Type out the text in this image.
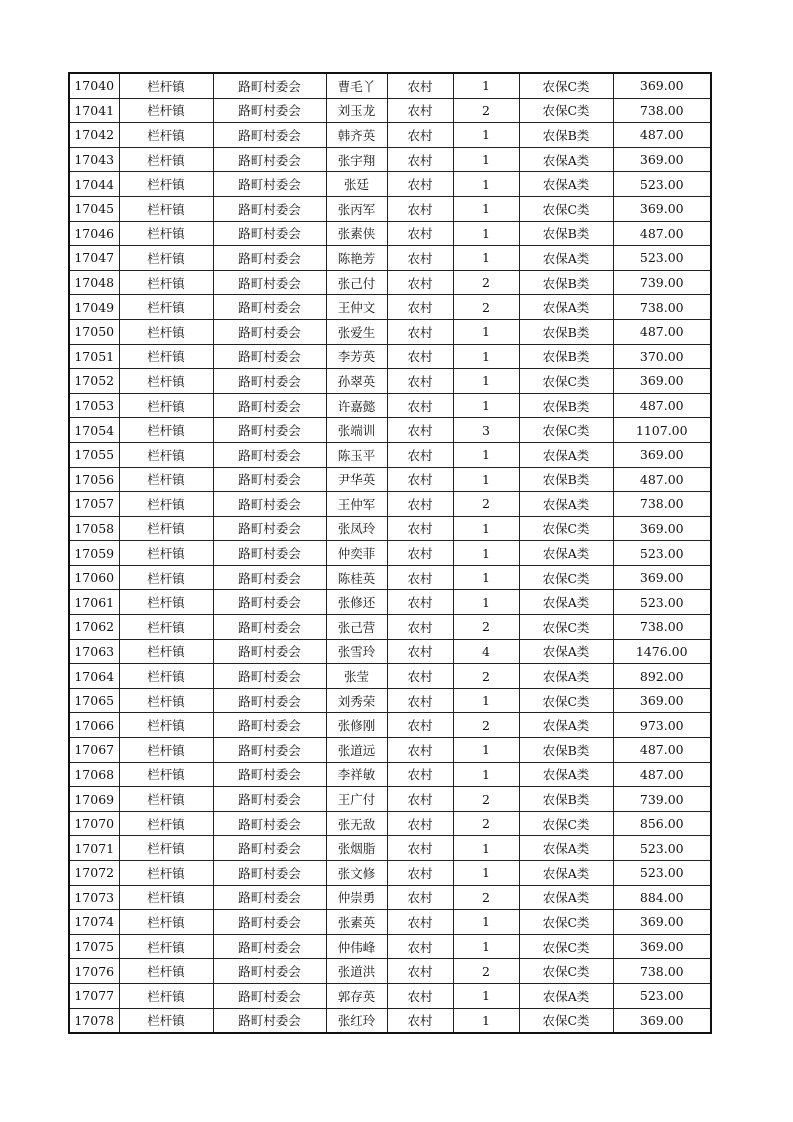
17040	栏杆镇	路町村委会	曹毛丫	农村	1	农保C类	369.00
17041	栏杆镇	路町村委会	刘玉龙	农村	2	农保C类	738.00
17042	栏杆镇	路町村委会	韩齐英	农村	1	农保B类	487.00
17043	栏杆镇	路町村委会	张宇翔	农村	1	农保A类	369.00
17044	栏杆镇	路町村委会	张廷	农村	1	农保A类	523.00
17045	栏杆镇	路町村委会	张丙军	农村	1	农保C类	369.00
17046	栏杆镇	路町村委会	张素侠	农村	1	农保B类	487.00
17047	栏杆镇	路町村委会	陈艳芳	农村	1	农保A类	523.00
17048	栏杆镇	路町村委会	张己付	农村	2	农保B类	739.00
17049	栏杆镇	路町村委会	王仲文	农村	2	农保A类	738.00
17050	栏杆镇	路町村委会	张爱生	农村	1	农保B类	487.00
17051	栏杆镇	路町村委会	李芳英	农村	1	农保B类	370.00
17052	栏杆镇	路町村委会	孙翠英	农村	1	农保C类	369.00
17053	栏杆镇	路町村委会	许嘉懿	农村	1	农保B类	487.00
17054	栏杆镇	路町村委会	张端训	农村	3	农保C类	1107.00
17055	栏杆镇	路町村委会	陈玉平	农村	1	农保A类	369.00
17056	栏杆镇	路町村委会	尹华英	农村	1	农保B类	487.00
17057	栏杆镇	路町村委会	王仲军	农村	2	农保A类	738.00
17058	栏杆镇	路町村委会	张凤玲	农村	1	农保C类	369.00
17059	栏杆镇	路町村委会	仲奕菲	农村	1	农保A类	523.00
17060	栏杆镇	路町村委会	陈桂英	农村	1	农保C类	369.00
17061	栏杆镇	路町村委会	张修还	农村	1	农保A类	523.00
17062	栏杆镇	路町村委会	张己营	农村	2	农保C类	738.00
17063	栏杆镇	路町村委会	张雪玲	农村	4	农保A类	1476.00
17064	栏杆镇	路町村委会	张莹	农村	2	农保A类	892.00
17065	栏杆镇	路町村委会	刘秀荣	农村	1	农保C类	369.00
17066	栏杆镇	路町村委会	张修刚	农村	2	农保A类	973.00
17067	栏杆镇	路町村委会	张道远	农村	1	农保B类	487.00
17068	栏杆镇	路町村委会	李祥敏	农村	1	农保A类	487.00
17069	栏杆镇	路町村委会	王广付	农村	2	农保B类	739.00
17070	栏杆镇	路町村委会	张无敌	农村	2	农保C类	856.00
17071	栏杆镇	路町村委会	张烟脂	农村	1	农保A类	523.00
17072	栏杆镇	路町村委会	张文修	农村	1	农保A类	523.00
17073	栏杆镇	路町村委会	仲崇勇	农村	2	农保A类	884.00
17074	栏杆镇	路町村委会	张素英	农村	1	农保C类	369.00
17075	栏杆镇	路町村委会	仲伟峰	农村	1	农保C类	369.00
17076	栏杆镇	路町村委会	张道洪	农村	2	农保C类	738.00
17077	栏杆镇	路町村委会	郭存英	农村	1	农保A类	523.00
17078	栏杆镇	路町村委会	张红玲	农村	1	农保C类	369.00
